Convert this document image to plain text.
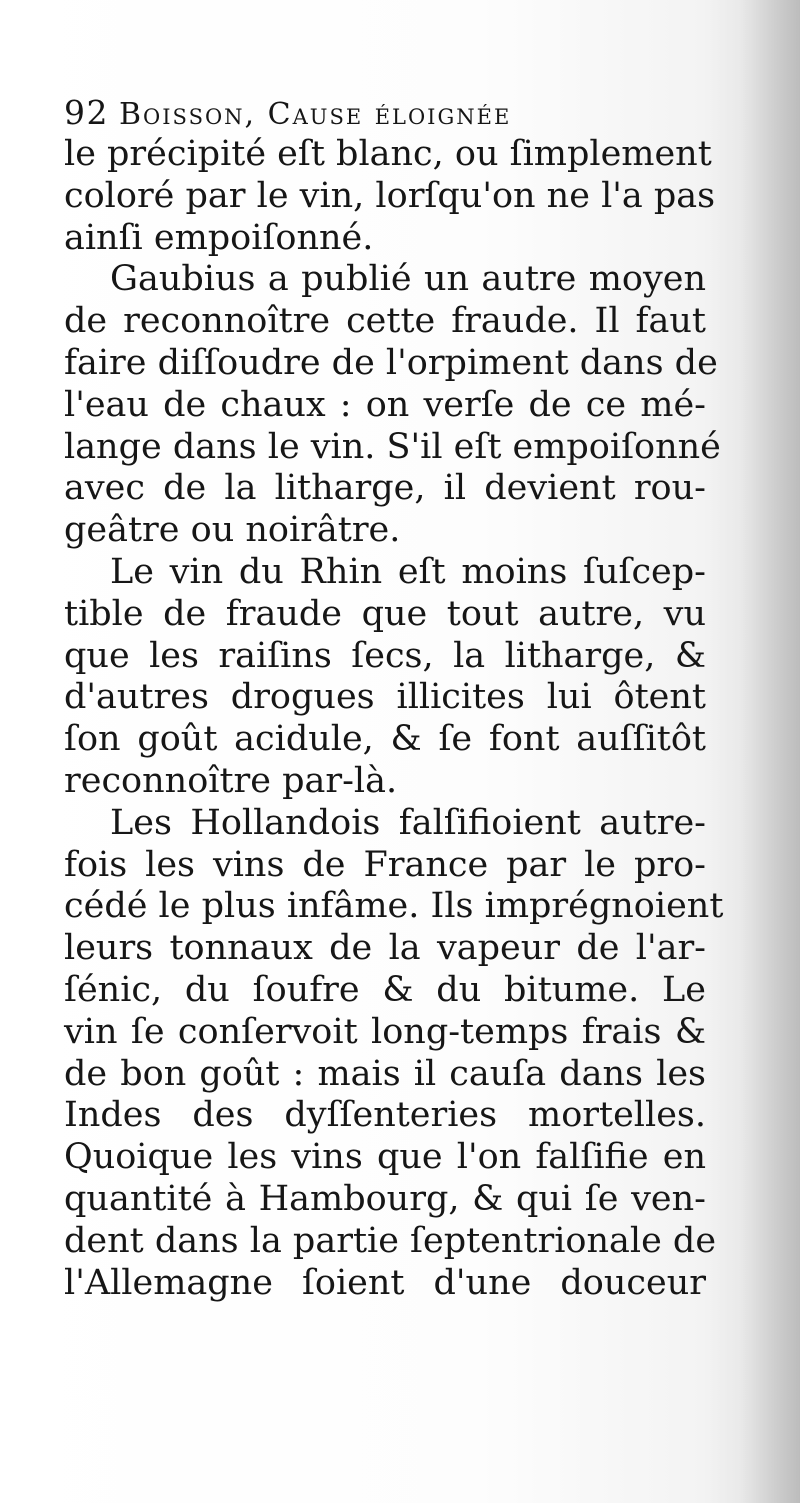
92 Boisson, Cause éloignée
le précipité eſt blanc, ou ſimplement
coloré par le vin, lorſqu'on ne l'a pas
ainſi empoiſonné.
Gaubius a publié un autre moyen
de reconnoître cette fraude. Il faut
faire diſſoudre de l'orpiment dans de
l'eau de chaux : on verſe de ce mé-
lange dans le vin. S'il eſt empoiſonné
avec de la litharge, il devient rou-
geâtre ou noirâtre.
Le vin du Rhin eſt moins ſuſcep-
tible de fraude que tout autre, vu
que les raiſins ſecs, la litharge, &
d'autres drogues illicites lui ôtent
ſon goût acidule, & ſe font auſſitôt
reconnoître par-là.
Les Hollandois falſifioient autre-
fois les vins de France par le pro-
cédé le plus infâme. Ils imprégnoient
leurs tonnaux de la vapeur de l'ar-
ſénic, du ſoufre & du bitume. Le
vin ſe conſervoit long-temps frais &
de bon goût : mais il cauſa dans les
Indes des dyſſenteries mortelles.
Quoique les vins que l'on falſifie en
quantité à Hambourg, & qui ſe ven-
dent dans la partie ſeptentrionale de
l'Allemagne ſoient d'une douceur
